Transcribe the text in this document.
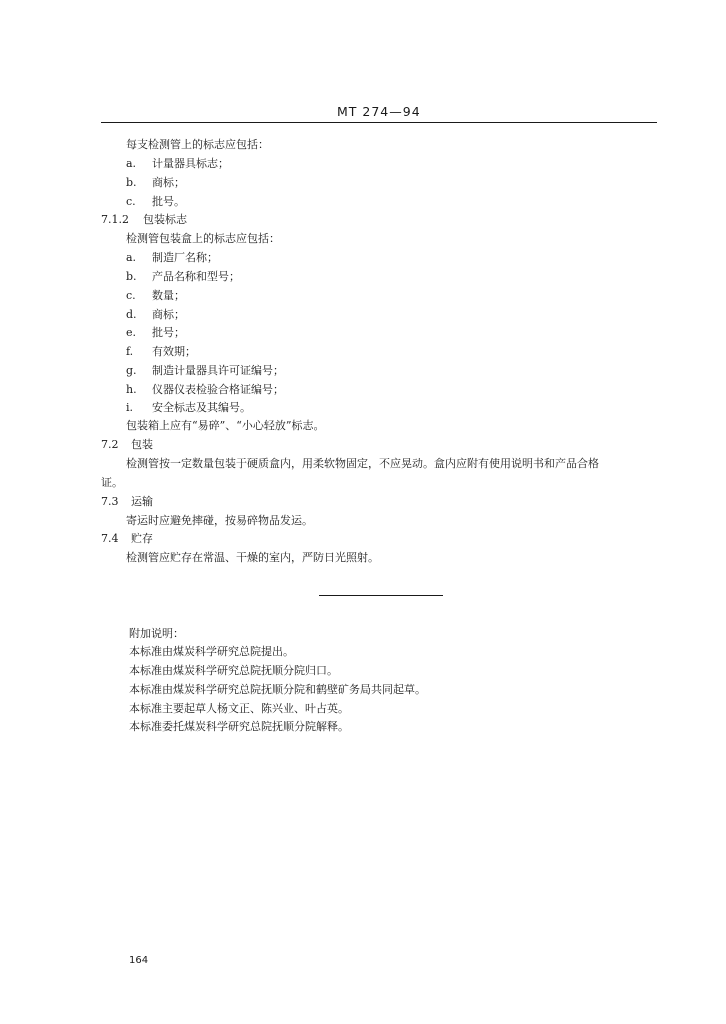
MT 274—94
每支检测管上的标志应包括：
a. 计量器具标志；
b. 商标；
c. 批号。
7.1.2 包装标志
检测管包装盒上的标志应包括：
a. 制造厂名称；
b. 产品名称和型号；
c. 数量；
d. 商标；
e. 批号；
f. 有效期；
g. 制造计量器具许可证编号；
h. 仪器仪表检验合格证编号；
i. 安全标志及其编号。
包装箱上应有“易碎”、“小心轻放”标志。
7.2 包装
检测管按一定数量包装于硬质盒内，用柔软物固定，不应晃动。盒内应附有使用说明书和产品合格
证。
7.3 运输
寄运时应避免摔碰，按易碎物品发运。
7.4 贮存
检测管应贮存在常温、干燥的室内，严防日光照射。
附加说明：
本标准由煤炭科学研究总院提出。
本标准由煤炭科学研究总院抚顺分院归口。
本标准由煤炭科学研究总院抚顺分院和鹤壁矿务局共同起草。
本标准主要起草人杨文正、陈兴业、叶占英。
本标准委托煤炭科学研究总院抚顺分院解释。
164
